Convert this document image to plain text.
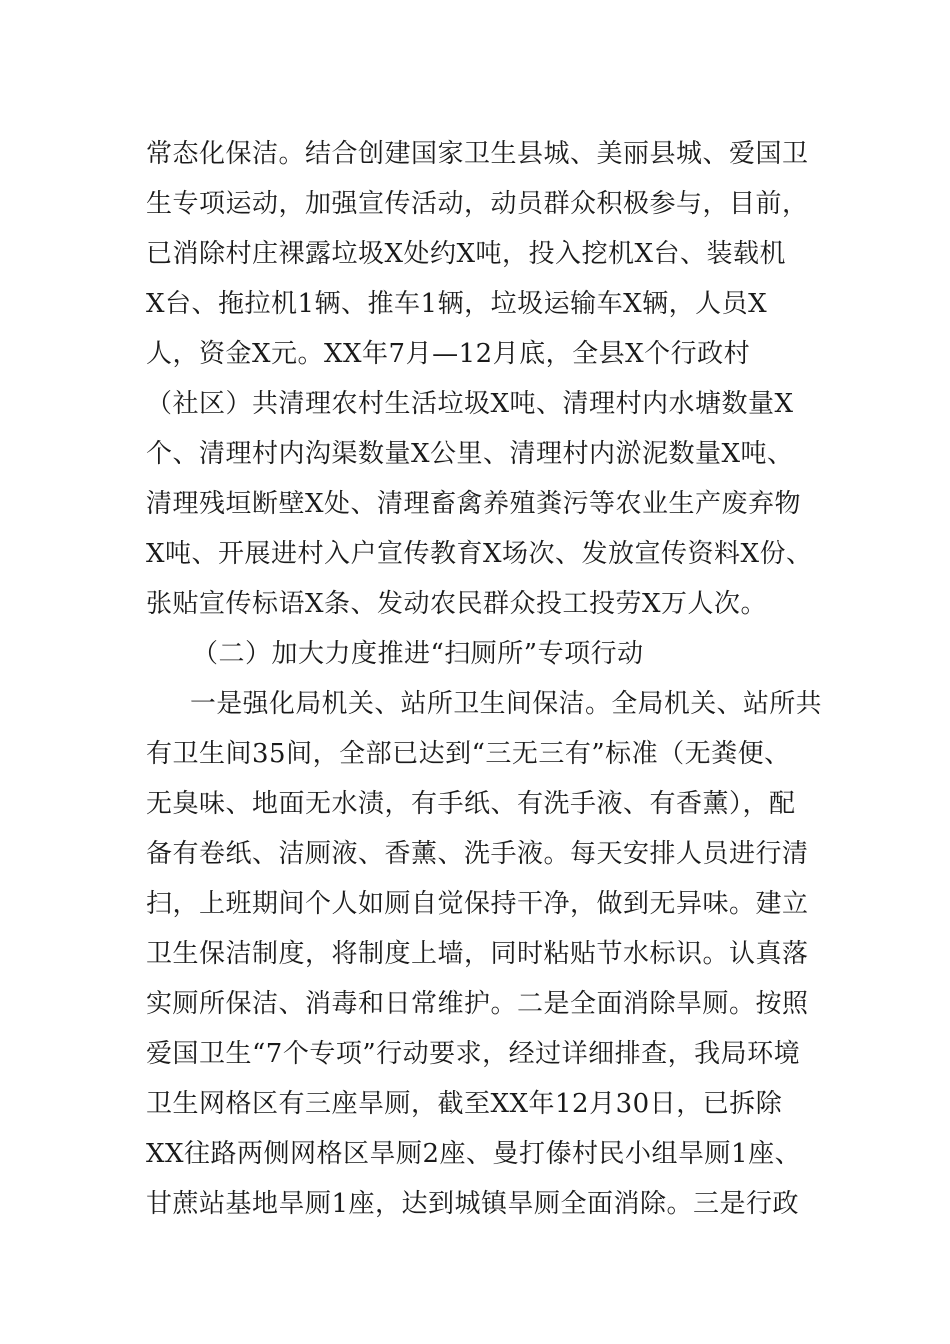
常态化保洁。结合创建国家卫生县城、美丽县城、爱国卫
生专项运动，加强宣传活动，动员群众积极参与，目前，
已消除村庄裸露垃圾X处约X吨，投入挖机X台、装载机
X台、拖拉机1辆、推车1辆，垃圾运输车X辆，人员X
人，资金X元。XX年7月—12月底，全县X个行政村
（社区）共清理农村生活垃圾X吨、清理村内水塘数量X
个、清理村内沟渠数量X公里、清理村内淤泥数量X吨、
清理残垣断壁X处、清理畜禽养殖粪污等农业生产废弃物
X吨、开展进村入户宣传教育X场次、发放宣传资料X份、
张贴宣传标语X条、发动农民群众投工投劳X万人次。
（二）加大力度推进“扫厕所”专项行动
一是强化局机关、站所卫生间保洁。全局机关、站所共
有卫生间35间，全部已达到“三无三有”标准（无粪便、
无臭味、地面无水渍，有手纸、有洗手液、有香薰），配
备有卷纸、洁厕液、香薰、洗手液。每天安排人员进行清
扫，上班期间个人如厕自觉保持干净，做到无异味。建立
卫生保洁制度，将制度上墙，同时粘贴节水标识。认真落
实厕所保洁、消毒和日常维护。二是全面消除旱厕。按照
爱国卫生“7个专项”行动要求，经过详细排查，我局环境
卫生网格区有三座旱厕，截至XX年12月30日，已拆除
XX往路两侧网格区旱厕2座、曼打傣村民小组旱厕1座、
甘蔗站基地旱厕1座，达到城镇旱厕全面消除。三是行政
